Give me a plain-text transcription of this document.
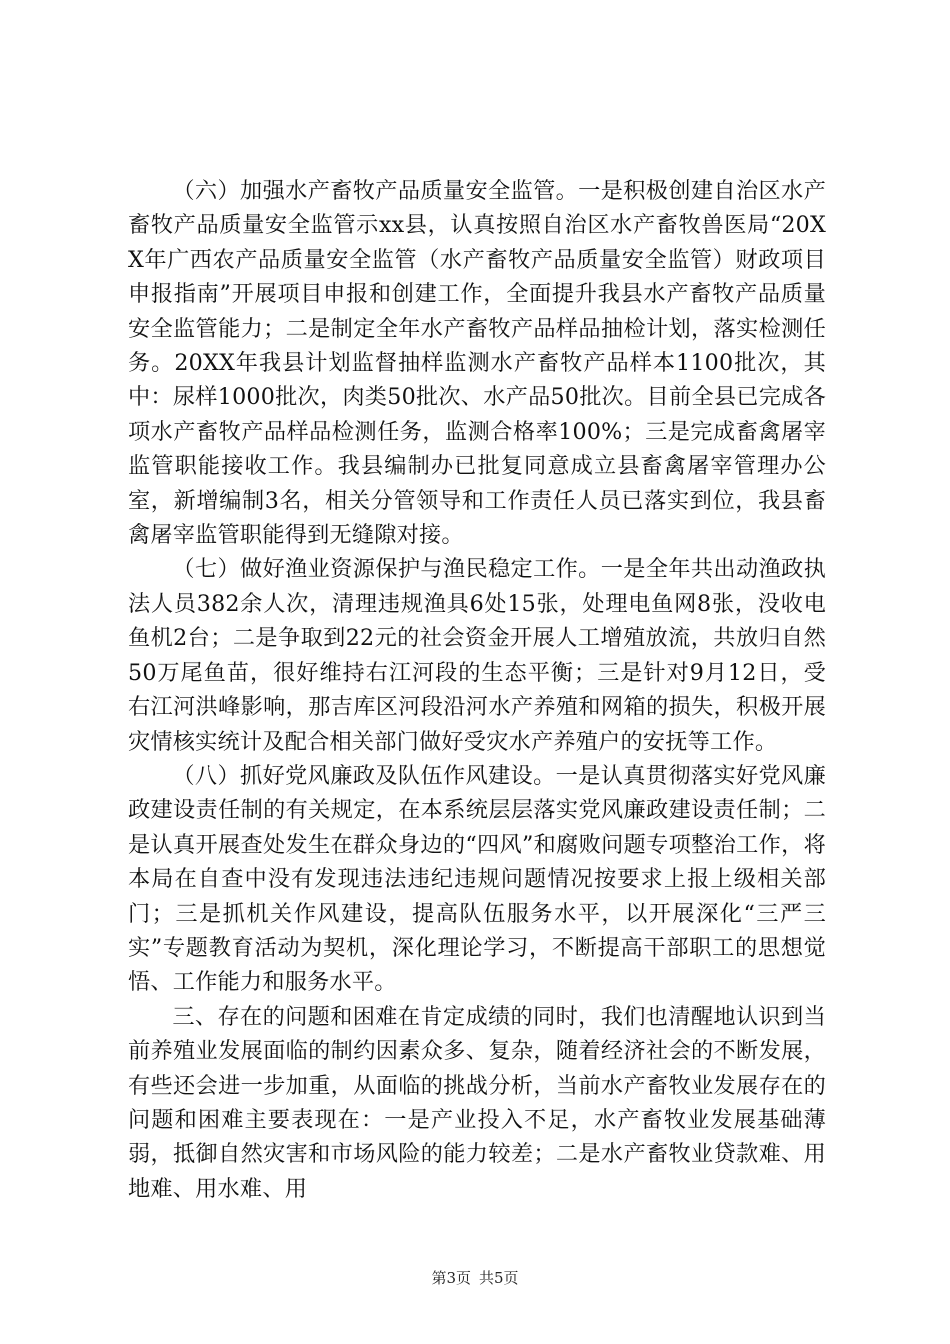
（六）加强水产畜牧产品质量安全监管。一是积极创建自治区水产畜牧产品质量安全监管示xx县，认真按照自治区水产畜牧兽医局“20XX年广西农产品质量安全监管（水产畜牧产品质量安全监管）财政项目申报指南”开展项目申报和创建工作，全面提升我县水产畜牧产品质量安全监管能力；二是制定全年水产畜牧产品样品抽检计划，落实检测任务。20XX年我县计划监督抽样监测水产畜牧产品样本1100批次，其中：尿样1000批次，肉类50批次、水产品50批次。目前全县已完成各项水产畜牧产品样品检测任务，监测合格率100%；三是完成畜禽屠宰监管职能接收工作。我县编制办已批复同意成立县畜禽屠宰管理办公室，新增编制3名，相关分管领导和工作责任人员已落实到位，我县畜禽屠宰监管职能得到无缝隙对接。

（七）做好渔业资源保护与渔民稳定工作。一是全年共出动渔政执法人员382余人次，清理违规渔具6处15张，处理电鱼网8张，没收电鱼机2台；二是争取到22元的社会资金开展人工增殖放流，共放归自然50万尾鱼苗，很好维持右江河段的生态平衡；三是针对9月12日，受右江河洪峰影响，那吉库区河段沿河水产养殖和网箱的损失，积极开展灾情核实统计及配合相关部门做好受灾水产养殖户的安抚等工作。

（八）抓好党风廉政及队伍作风建设。一是认真贯彻落实好党风廉政建设责任制的有关规定，在本系统层层落实党风廉政建设责任制；二是认真开展查处发生在群众身边的“四风”和腐败问题专项整治工作，将本局在自查中没有发现违法违纪违规问题情况按要求上报上级相关部门；三是抓机关作风建设，提高队伍服务水平，以开展深化“三严三实”专题教育活动为契机，深化理论学习，不断提高干部职工的思想觉悟、工作能力和服务水平。

三、存在的问题和困难在肯定成绩的同时，我们也清醒地认识到当前养殖业发展面临的制约因素众多、复杂，随着经济社会的不断发展，有些还会进一步加重，从面临的挑战分析，当前水产畜牧业发展存在的问题和困难主要表现在：一是产业投入不足，水产畜牧业发展基础薄弱，抵御自然灾害和市场风险的能力较差；二是水产畜牧业贷款难、用地难、用水难、用

第3页 共5页
